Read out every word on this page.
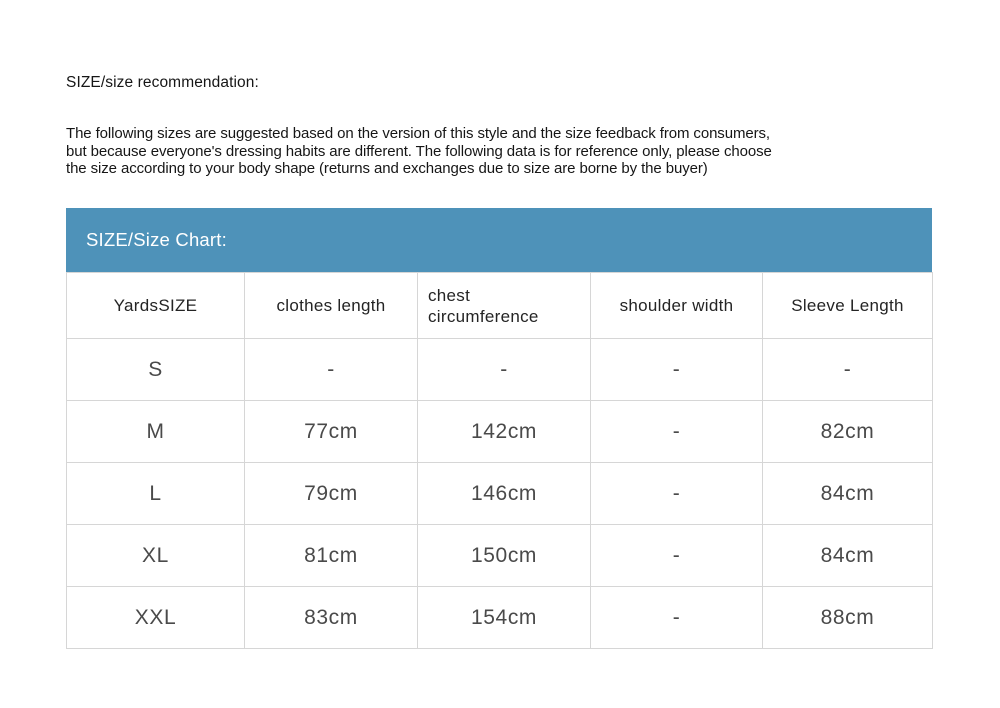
SIZE/size recommendation:
The following sizes are suggested based on the version of this style and the size feedback from consumers,
but because everyone's dressing habits are different. The following data is for reference only, please choose
the size according to your body shape (returns and exchanges due to size are borne by the buyer)
SIZE/Size Chart:
YardsSIZE	clothes length	chest circumference	shoulder width	Sleeve Length
S	-	-	-	-
M	77cm	142cm	-	82cm
L	79cm	146cm	-	84cm
XL	81cm	150cm	-	84cm
XXL	83cm	154cm	-	88cm
